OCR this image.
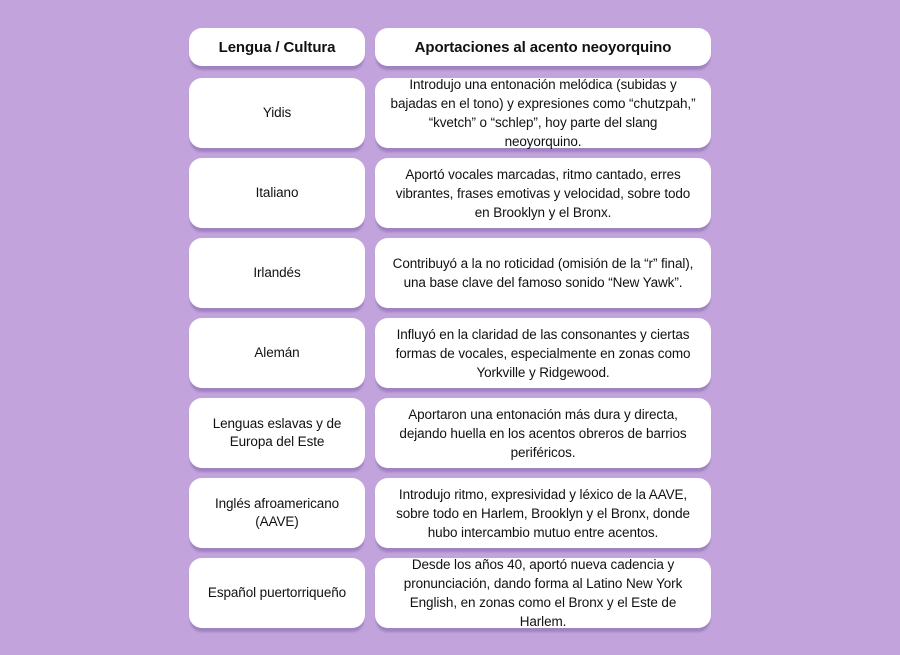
Lengua / Cultura	Aportaciones al acento neoyorquino
Yidis
Introdujo una entonación melódica (subidas y bajadas en el tono) y expresiones como “chutzpah,” “kvetch” o “schlep”, hoy parte del slang neoyorquino.
Italiano
Aportó vocales marcadas, ritmo cantado, erres vibrantes, frases emotivas y velocidad, sobre todo en Brooklyn y el Bronx.
Irlandés
Contribuyó a la no roticidad (omisión de la “r” final), una base clave del famoso sonido “New Yawk”.
Alemán
Influyó en la claridad de las consonantes y ciertas formas de vocales, especialmente en zonas como Yorkville y Ridgewood.
Lenguas eslavas y de Europa del Este
Aportaron una entonación más dura y directa, dejando huella en los acentos obreros de barrios periféricos.
Inglés afroamericano (AAVE)
Introdujo ritmo, expresividad y léxico de la AAVE, sobre todo en Harlem, Brooklyn y el Bronx, donde hubo intercambio mutuo entre acentos.
Español puertorriqueño
Desde los años 40, aportó nueva cadencia y pronunciación, dando forma al Latino New York English, en zonas como el Bronx y el Este de Harlem.
